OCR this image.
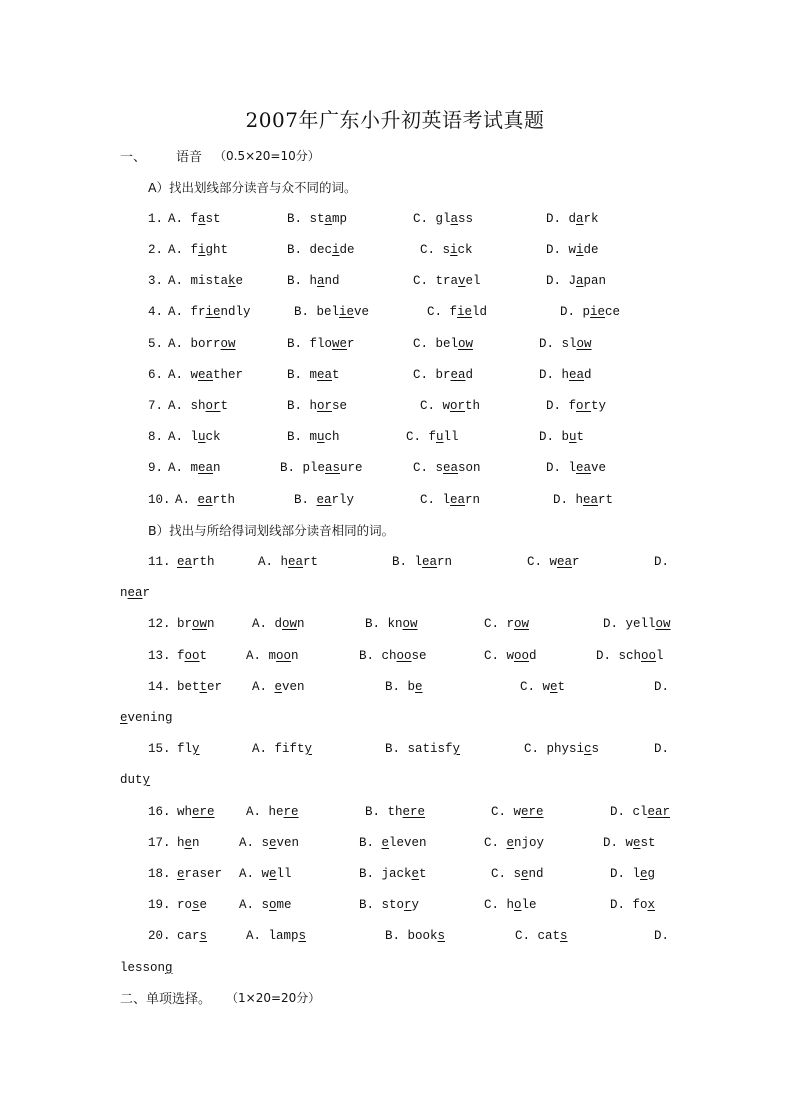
2007年广东小升初英语考试真题
一、 语音 （0.5×20=10分）
A）找出划线部分读音与众不同的词。
1. A. fast	B. stamp	C. glass	D. dark
2. A. fight	B. decide	C. sick	D. wide
3. A. mistake	B. hand	C. travel	D. Japan
4. A. friendly	B. believe	C. field	D. piece
5. A. borrow	B. flower	C. below	D. slow
6. A. weather	B. meat	C. bread	D. head
7. A. short	B. horse	C. worth	D. forty
8. A. luck	B. much	C. full	D. but
9. A. mean	B. pleasure	C. season	D. leave
10. A. earth	B. early	C. learn	D. heart
B）找出与所给得词划线部分读音相同的词。
11. earth	A. heart	B. learn	C. wear	D.
near
12. brown	A. down	B. know	C. row	D. yellow
13. foot	A. moon	B. choose	C. wood	D. school
14. better A. even	B. be	C. wet	D.
evening
15. fly	A. fifty	B. satisfy	C. physics	D.
duty
16. where	A. here	B. there	C. were	D. clear
17. hen	A. seven	B. eleven	C. enjoy	D. west
18. eraser A. well	B. jacket	C. send	D. leg
19. rose	A. some	B. story	C. hole	D. fox
20. cars	A. lamps	B. books	C. cats	D.
lessong
二、单项选择。 （1×20=20分）
